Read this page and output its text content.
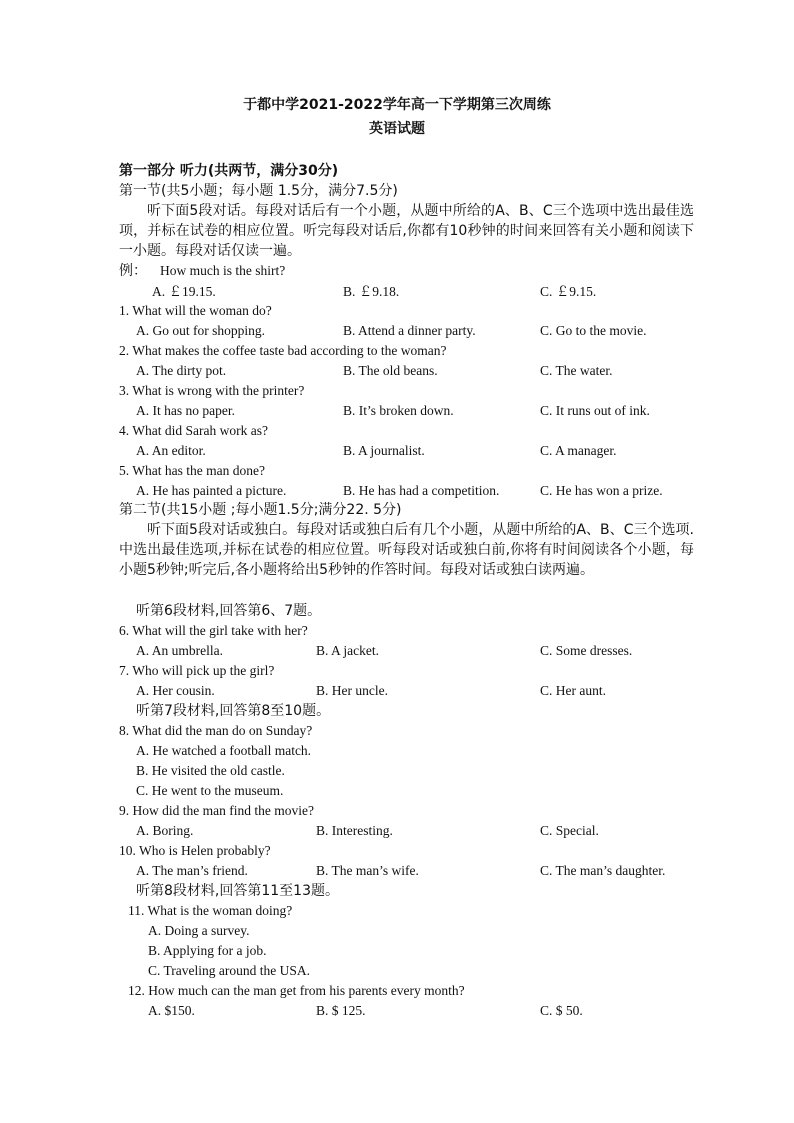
于都中学2021-2022学年高一下学期第三次周练
英语试题

第一部分 听力(共两节，满分30分)

第一节(共5小题；每小题 1.5分，满分7.5分)

听下面5段对话。每段对话后有一个小题，从题中所给的A、B、C三个选项中选出最佳选项，并标在试卷的相应位置。听完每段对话后,你都有10秒钟的时间来回答有关小题和阅读下一小题。每段对话仅读一遍。

例： How much is the shirt?

A. ￡19.15.	B. ￡9.18.	C. ￡9.15.

1. What will the woman do?

A. Go out for shopping.	B. Attend a dinner party.	C. Go to the movie.

2. What makes the coffee taste bad according to the woman?

A. The dirty pot.	B. The old beans.	C. The water.

3. What is wrong with the printer?

A. It has no paper.	B. It’s broken down.	C. It runs out of ink.

4. What did Sarah work as?

A. An editor.	B. A journalist.	C. A manager.

5. What has the man done?

A. He has painted a picture.	B. He has had a competition.	C. He has won a prize.

第二节(共15小题 ;每小题1.5分;满分22. 5分)

听下面5段对话或独白。每段对话或独白后有几个小题，从题中所给的A、B、C三个选项.中选出最佳选项,并标在试卷的相应位置。听每段对话或独白前,你将有时间阅读各个小题，每小题5秒钟;听完后,各小题将给出5秒钟的作答时间。每段对话或独白读两遍。

听第6段材料,回答第6、7题。

6. What will the girl take with her?

A. An umbrella.	B. A jacket.	C. Some dresses.

7. Who will pick up the girl?

A. Her cousin.	B. Her uncle.	C. Her aunt.

听第7段材料,回答第8至10题。

8. What did the man do on Sunday?

A. He watched a football match.

B. He visited the old castle.

C. He went to the museum.

9. How did the man find the movie?

A. Boring.	B. Interesting.	C. Special.

10. Who is Helen probably?

A. The man’s friend.	B. The man’s wife.	C. The man’s daughter.

听第8段材料,回答第11至13题。

11. What is the woman doing?

A. Doing a survey.

B. Applying for a job.

C. Traveling around the USA.

12. How much can the man get from his parents every month?

A. $150.	B. $ 125.	C. $ 50.
